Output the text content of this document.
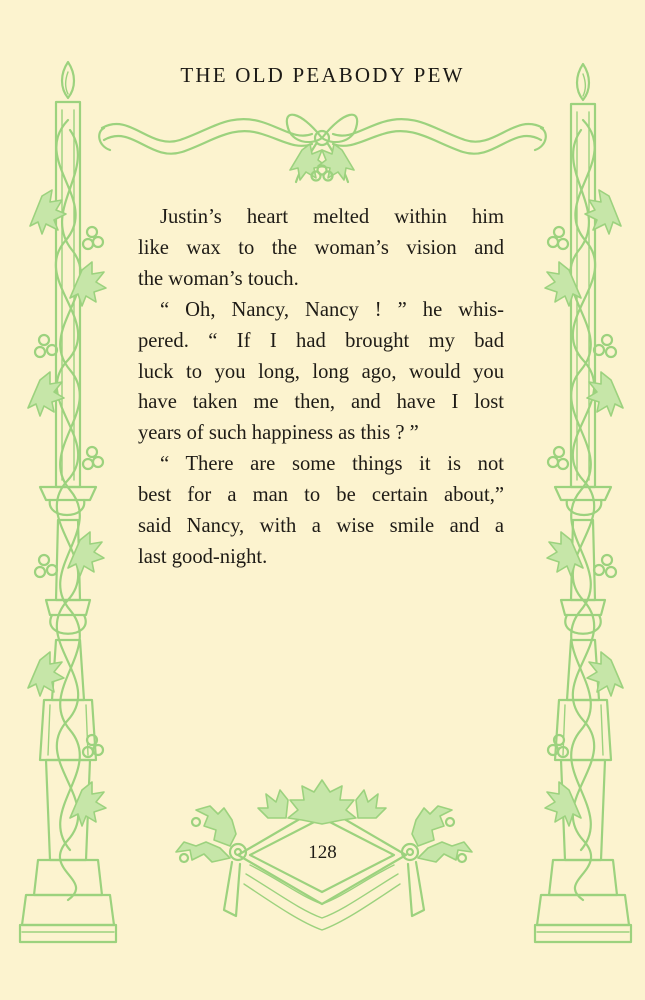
THE OLD PEABODY PEW
Justin’s heart melted within him
like wax to the woman’s vision and
the woman’s touch.
“ Oh, Nancy, Nancy ! ” he whis-
pered. “ If I had brought my bad
luck to you long, long ago, would you
have taken me then, and have I lost
years of such happiness as this ? ”
“ There are some things it is not
best for a man to be certain about,”
said Nancy, with a wise smile and a
last good-night.
128
